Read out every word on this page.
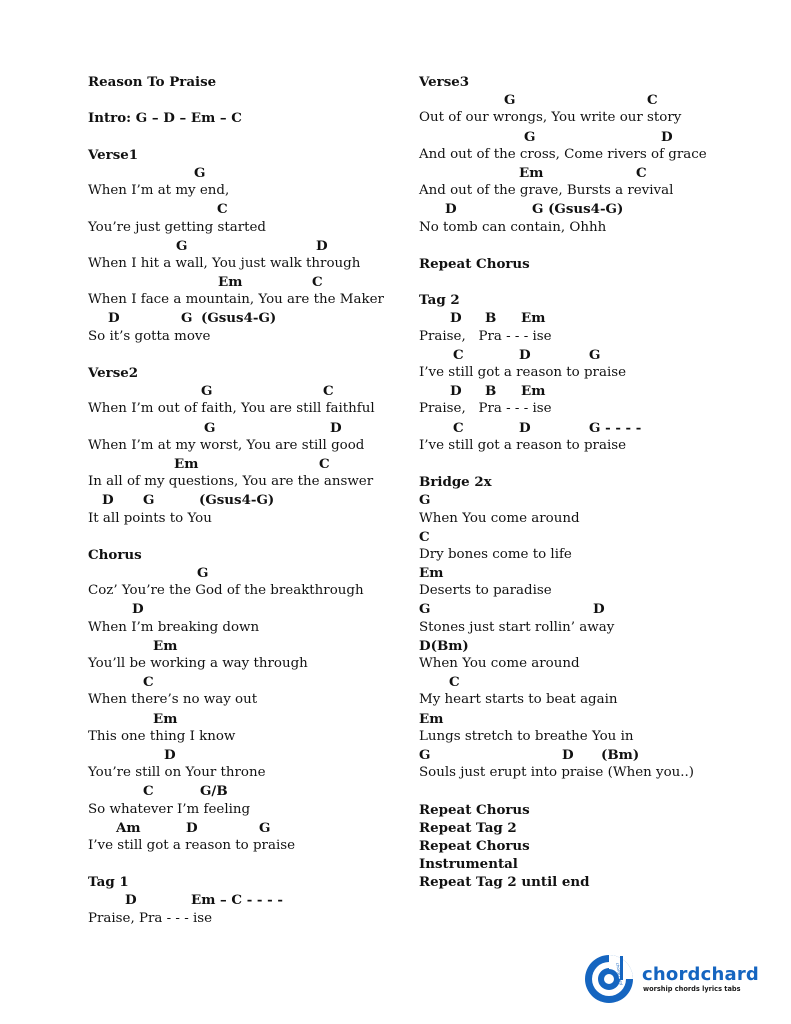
Reason To Praise
Intro: G – D – Em – C
Verse1

G

When I’m at my end,

C

You’re just getting started

G

	D

When I hit a wall, You just walk through

Em

	C

When I face a mountain, You are the Maker

D

	G

(Gsus4-G)

So it’s gotta move
Verse2

G

	C

When I’m out of faith, You are still faithful

G

	D

When I’m at my worst, You are still good

Em

	C

In all of my questions, You are the answer

D

G

	(Gsus4-G)

It all points to You
Chorus

G

Coz’ You’re the God of the breakthrough

D

When I’m breaking down

Em

You’ll be working a way through

C

When there’s no way out

Em

This one thing I know

D

You’re still on Your throne

C

	G/B

So whatever I’m feeling

Am

	D

	G

I’ve still got a reason to praise
Tag 1

D

	Em – C - - - -

Praise, Pra - - - ise
Verse3

G

	C

Out of our wrongs, You write our story

G

	D

And out of the cross, Come rivers of grace

Em

	C

And out of the grave, Bursts a revival

D

	G (Gsus4-G)

No tomb can contain, Ohhh
Repeat Chorus
Tag 2

D

B

Em

Praise,   Pra - - - ise

C

	D

	G

I’ve still got a reason to praise

D

B

Em

Praise,   Pra - - - ise

C

	D

	G - - - -

I’ve still got a reason to praise
Bridge 2x

G

When You come around

C

Dry bones come to life

Em

Deserts to paradise

G

	D

Stones just start rollin’ away

D(Bm)

When You come around

C

My heart starts to beat again

Em

Lungs stretch to breathe You in

G

	D

(Bm)

Souls just erupt into praise (When you..)
Repeat Chorus
Repeat Tag 2
Repeat Chorus
Instrumental
Repeat Tag 2 until end
chordchard chordchard
worship chords lyrics tabs
